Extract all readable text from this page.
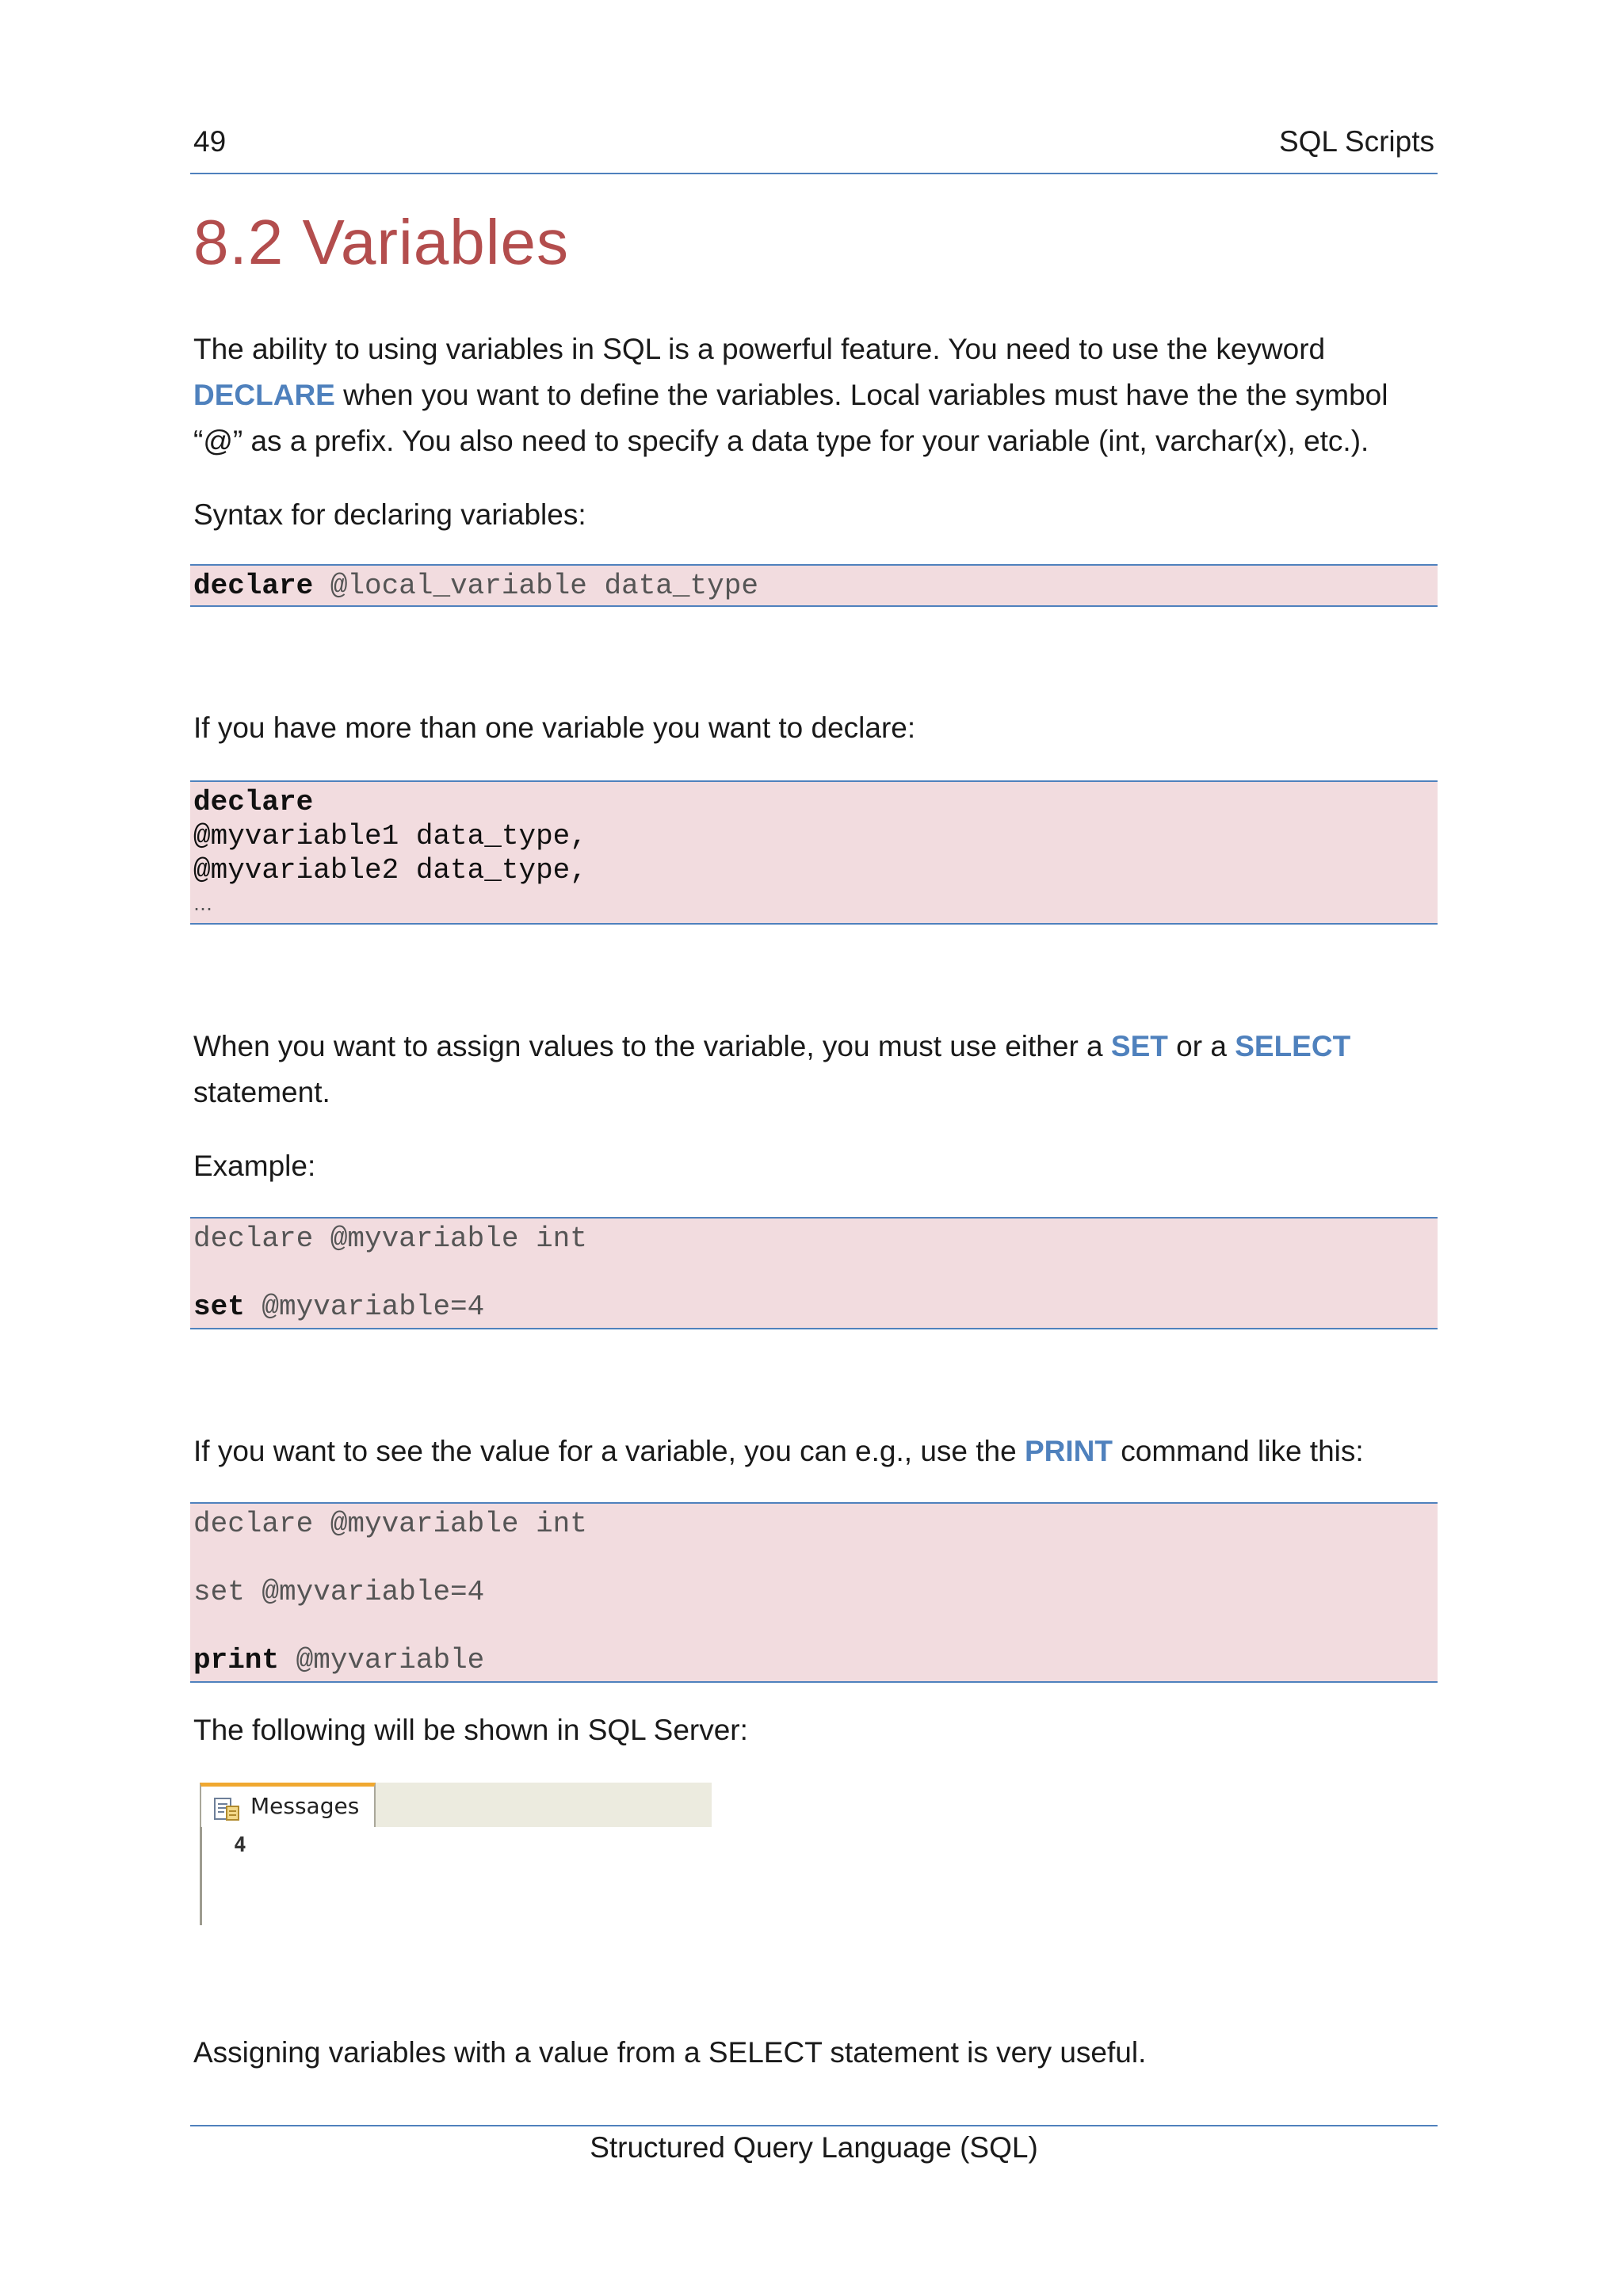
49	SQL Scripts
8.2 Variables

The ability to using variables in SQL is a powerful feature. You need to use the keyword DECLARE when you want to define the variables. Local variables must have the the symbol “@” as a prefix. You also need to specify a data type for your variable (int, varchar(x), etc.).

Syntax for declaring variables:

declare @local_variable data_type

If you have more than one variable you want to declare:

declare
@myvariable1 data_type,
@myvariable2 data_type,
…

When you want to assign values to the variable, you must use either a SET or a SELECT statement.

Example:

declare @myvariable int
set @myvariable=4

If you want to see the value for a variable, you can e.g., use the PRINT command like this:

declare @myvariable int
set @myvariable=4
print @myvariable

The following will be shown in SQL Server:

Messages
4

Assigning variables with a value from a SELECT statement is very useful.

Structured Query Language (SQL)
